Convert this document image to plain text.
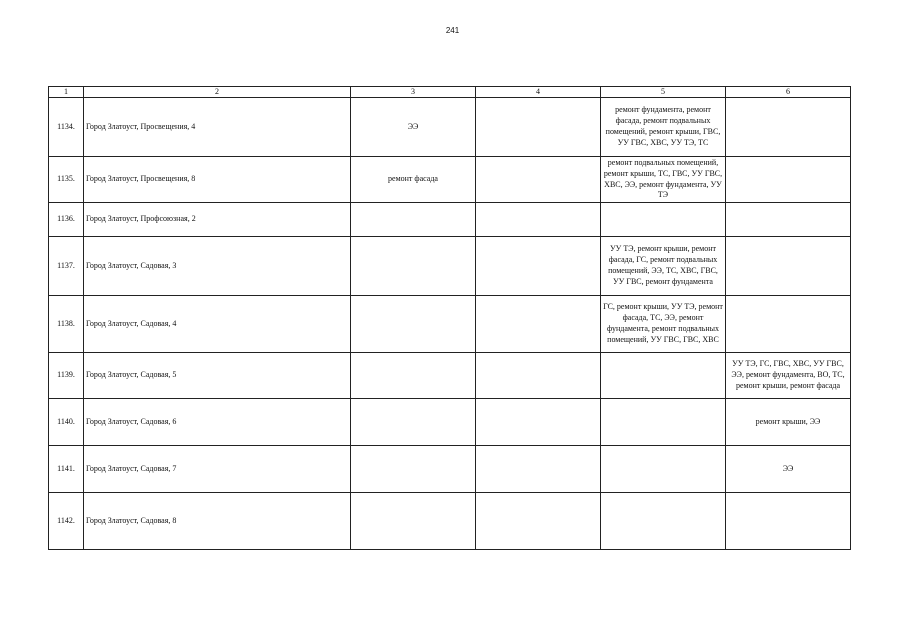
241
1	2	3	4	5	6
1134.	Город Златоуст, Просвещения, 4	ЭЭ		ремонт фундамента, ремонт фасада, ремонт подвальных помещений, ремонт крыши, ГВС, УУ ГВС, ХВС, УУ ТЭ, ТС	
1135.	Город Златоуст, Просвещения, 8	ремонт фасада		ремонт подвальных помещений, ремонт крыши, ТС, ГВС, УУ ГВС, ХВС, ЭЭ, ремонт фундамента, УУ ТЭ	
1136.	Город Златоуст, Профсоюзная, 2				
1137.	Город Златоуст, Садовая, 3			УУ ТЭ, ремонт крыши, ремонт фасада, ГС, ремонт подвальных помещений, ЭЭ, ТС, ХВС, ГВС, УУ ГВС, ремонт фундамента	
1138.	Город Златоуст, Садовая, 4			ГС, ремонт крыши, УУ ТЭ, ремонт фасада, ТС, ЭЭ, ремонт фундамента, ремонт подвальных помещений, УУ ГВС, ГВС, ХВС	
1139.	Город Златоуст, Садовая, 5				УУ ТЭ, ГС, ГВС, ХВС, УУ ГВС, ЭЭ, ремонт фундамента, ВО, ТС, ремонт крыши, ремонт фасада
1140.	Город Златоуст, Садовая, 6				ремонт крыши, ЭЭ
1141.	Город Златоуст, Садовая, 7				ЭЭ
1142.	Город Златоуст, Садовая, 8				
